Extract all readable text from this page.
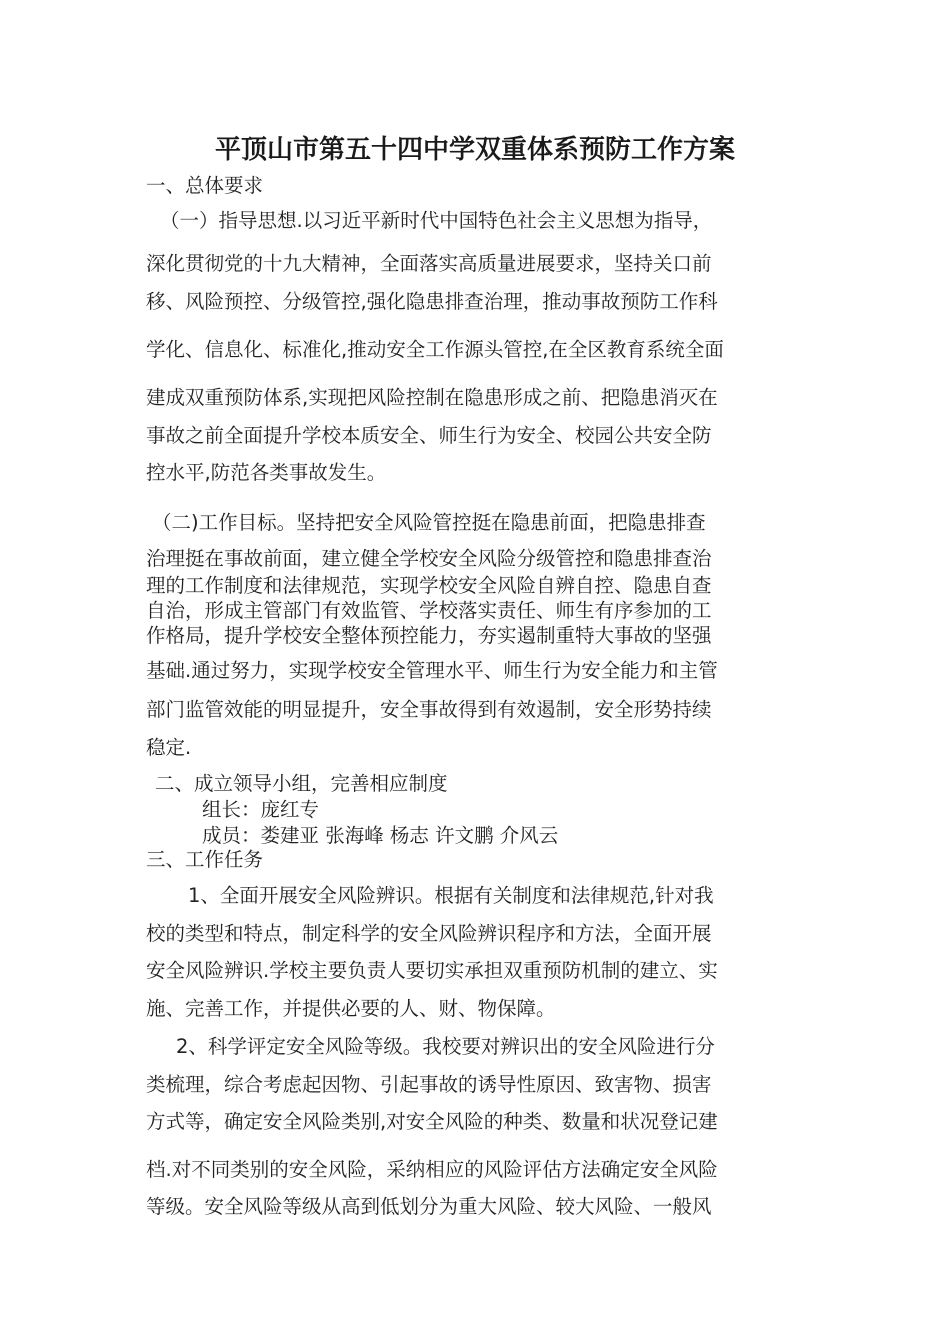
平顶山市第五十四中学双重体系预防工作方案
一、总体要求
（一）指导思想.以习近平新时代中国特色社会主义思想为指导，
深化贯彻党的十九大精神，全面落实高质量进展要求，坚持关口前
移、风险预控、分级管控,强化隐患排查治理，推动事故预防工作科
学化、信息化、标准化,推动安全工作源头管控,在全区教育系统全面
建成双重预防体系,实现把风险控制在隐患形成之前、把隐患消灭在
事故之前全面提升学校本质安全、师生行为安全、校园公共安全防
控水平,防范各类事故发生。
（二)工作目标。坚持把安全风险管控挺在隐患前面，把隐患排查
治理挺在事故前面，建立健全学校安全风险分级管控和隐患排查治
理的工作制度和法律规范，实现学校安全风险自辨自控、隐患自查
自治，形成主管部门有效监管、学校落实责任、师生有序参加的工
作格局，提升学校安全整体预控能力，夯实遏制重特大事故的坚强
基础.通过努力，实现学校安全管理水平、师生行为安全能力和主管
部门监管效能的明显提升，安全事故得到有效遏制，安全形势持续
稳定.
二、成立领导小组，完善相应制度
组长：庞红专
成员：娄建亚 张海峰 杨志 许文鹏 介风云
三、工作任务
1、全面开展安全风险辨识。根据有关制度和法律规范,针对我
校的类型和特点，制定科学的安全风险辨识程序和方法，全面开展
安全风险辨识.学校主要负责人要切实承担双重预防机制的建立、实
施、完善工作，并提供必要的人、财、物保障。
2、科学评定安全风险等级。我校要对辨识出的安全风险进行分
类梳理，综合考虑起因物、引起事故的诱导性原因、致害物、损害
方式等，确定安全风险类别,对安全风险的种类、数量和状况登记建
档.对不同类别的安全风险，采纳相应的风险评估方法确定安全风险
等级。安全风险等级从高到低划分为重大风险、较大风险、一般风
